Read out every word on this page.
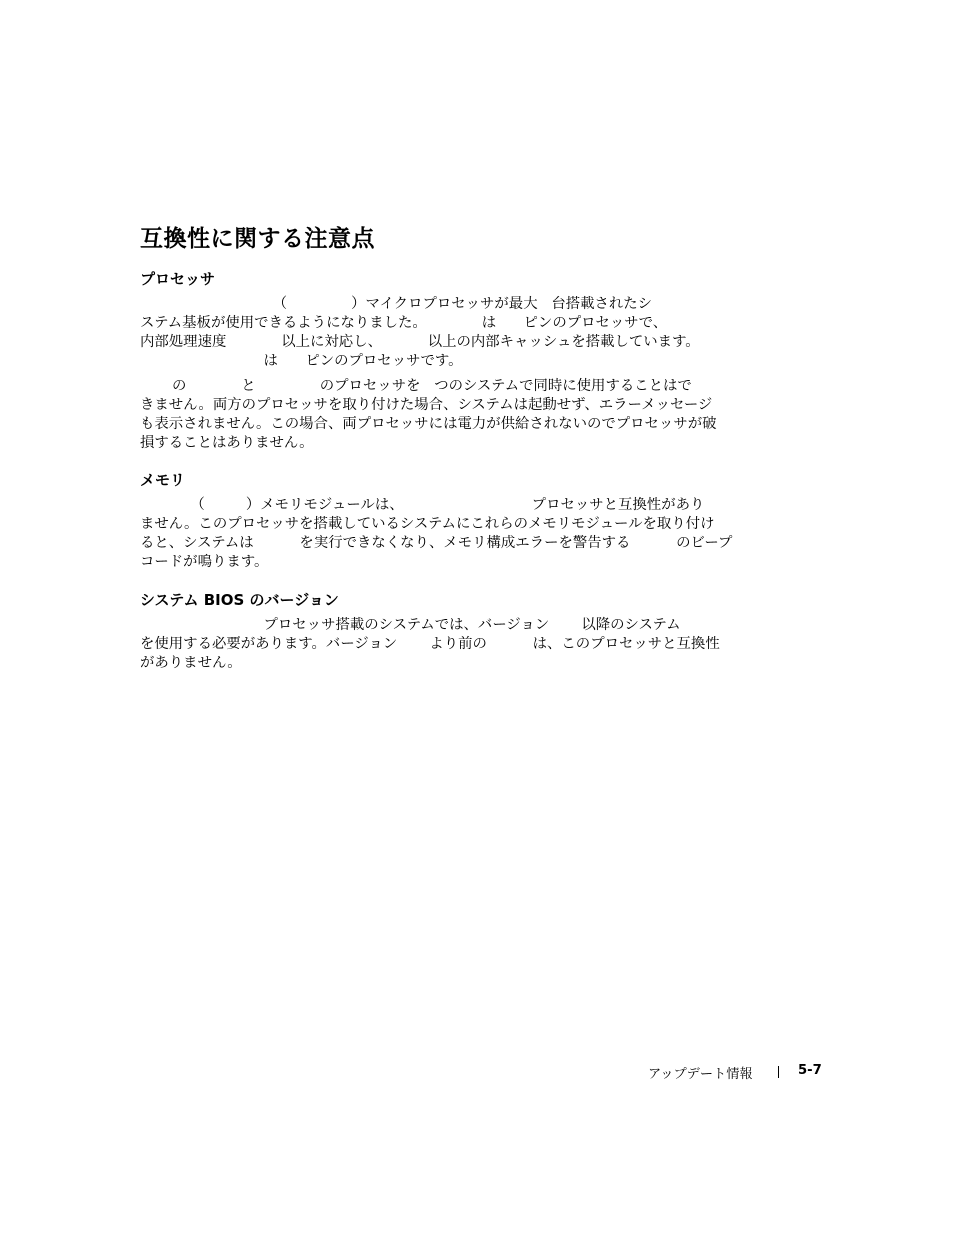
互換性に関する注意点
プロセッサ
（              ）マイクロプロセッサが最大   台搭載されたシ
ステム基板が使用できるようになりました。            は      ピンのプロセッサで、
内部処理速度            以上に対応し、          以上の内部キャッシュを搭載しています。
は      ピンのプロセッサです。
の            と              のプロセッサを   つのシステムで同時に使用することはで
きません。両方のプロセッサを取り付けた場合、システムは起動せず、エラーメッセージ
も表示されません。この場合、両プロセッサには電力が供給されないのでプロセッサが破
損することはありません。
メモリ
（         ）メモリモジュールは、                            プロセッサと互換性があり
ません。このプロセッサを搭載しているシステムにこれらのメモリモジュールを取り付け
ると、システムは          を実行できなくなり、メモリ構成エラーを警告する          のビープ
コードが鳴ります。
システム BIOS のバージョン
プロセッサ搭載のシステムでは、バージョン       以降のシステム
を使用する必要があります。バージョン       より前の          は、このプロセッサと互換性
がありません。
アップデート情報	5-7
